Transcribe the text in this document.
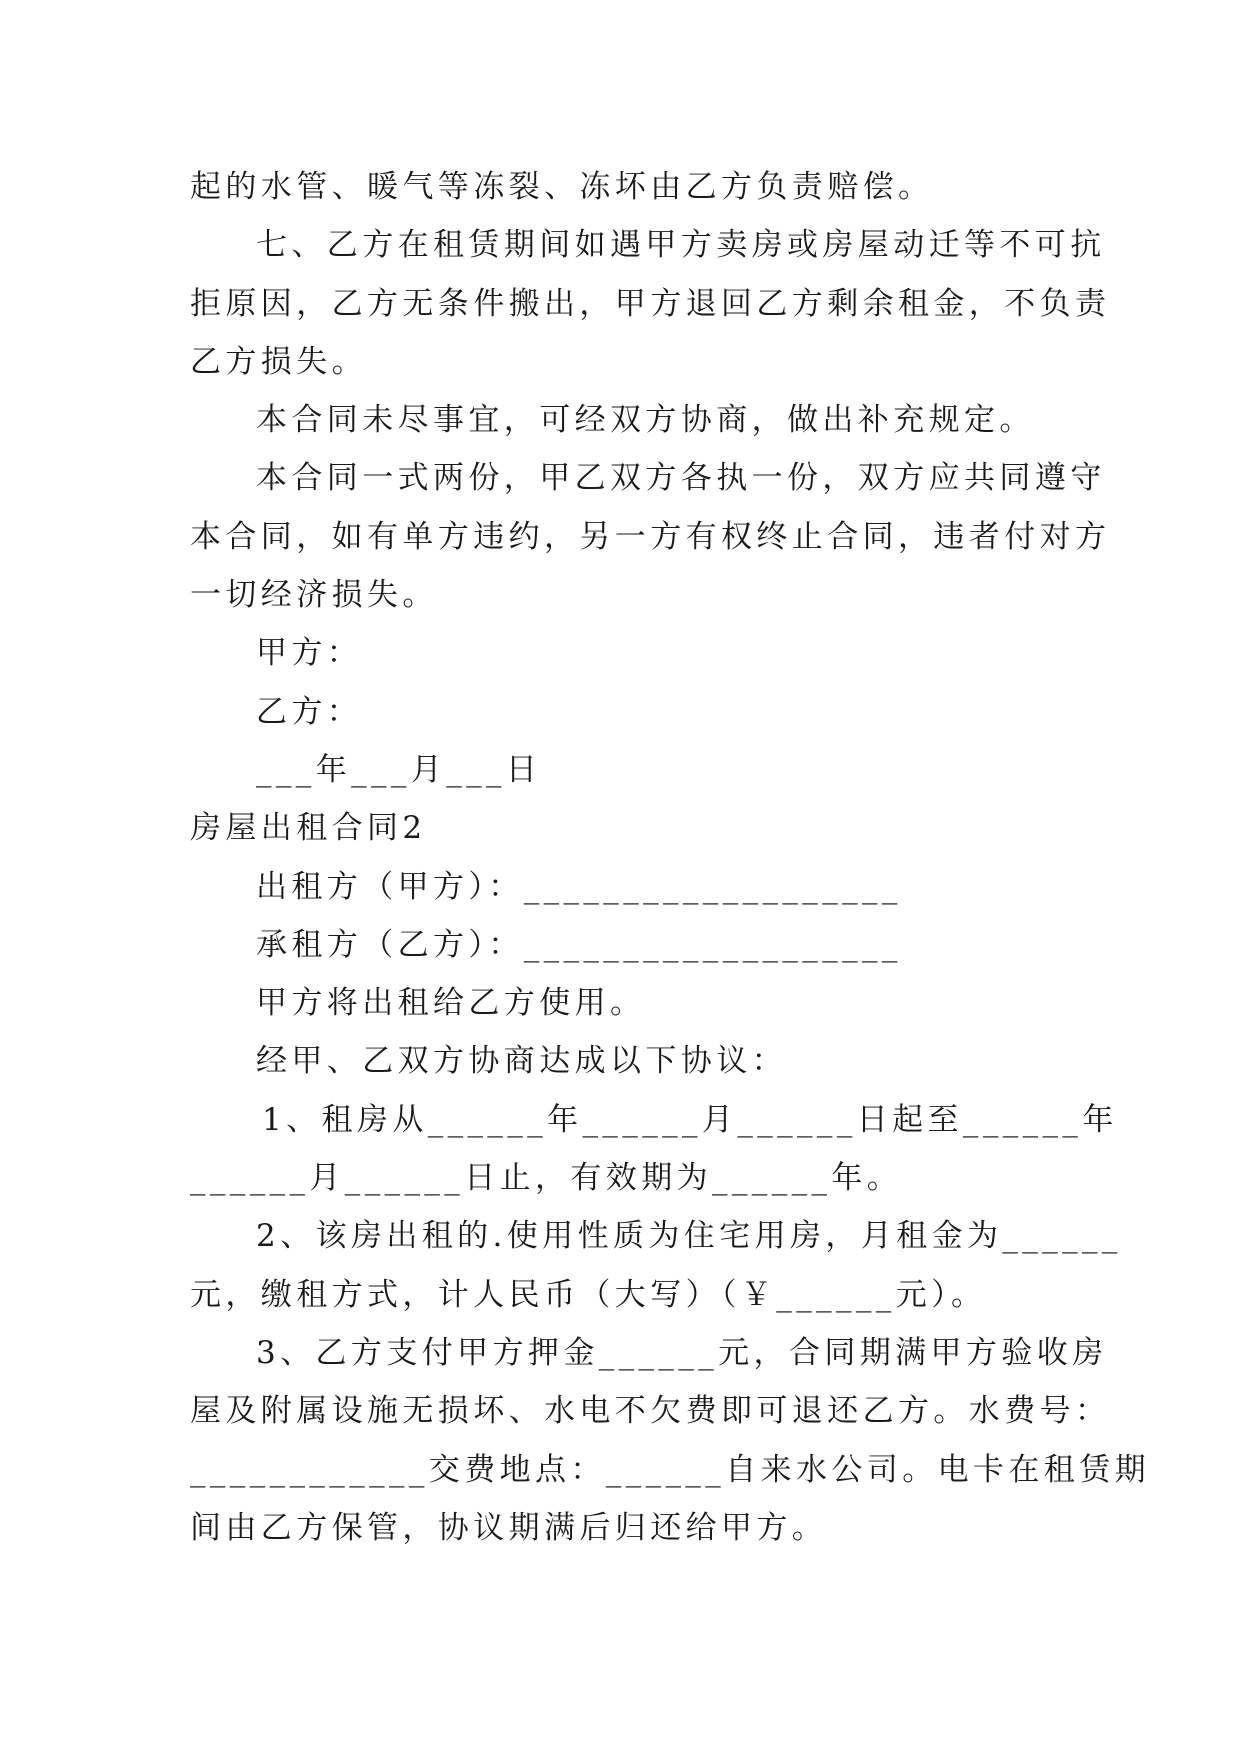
起的水管、暖气等冻裂、冻坏由乙方负责赔偿。

七、乙方在租赁期间如遇甲方卖房或房屋动迁等不可抗
拒原因，乙方无条件搬出，甲方退回乙方剩余租金，不负责
乙方损失。

本合同未尽事宜，可经双方协商，做出补充规定。

本合同一式两份，甲乙双方各执一份，双方应共同遵守
本合同，如有单方违约，另一方有权终止合同，违者付对方
一切经济损失。

甲方：

乙方：

___年___月___日

房屋出租合同2

出租方（甲方）：___________________

承租方（乙方）：___________________

甲方将出租给乙方使用。

经甲、乙双方协商达成以下协议：

1、租房从______年______月______日起至______年
______月______日止，有效期为______年。

2、该房出租的.使用性质为住宅用房，月租金为______
元，缴租方式，计人民币（大写）（￥______元）。

3、乙方支付甲方押金______元，合同期满甲方验收房
屋及附属设施无损坏、水电不欠费即可退还乙方。水费号：
____________交费地点：______自来水公司。电卡在租赁期
间由乙方保管，协议期满后归还给甲方。
